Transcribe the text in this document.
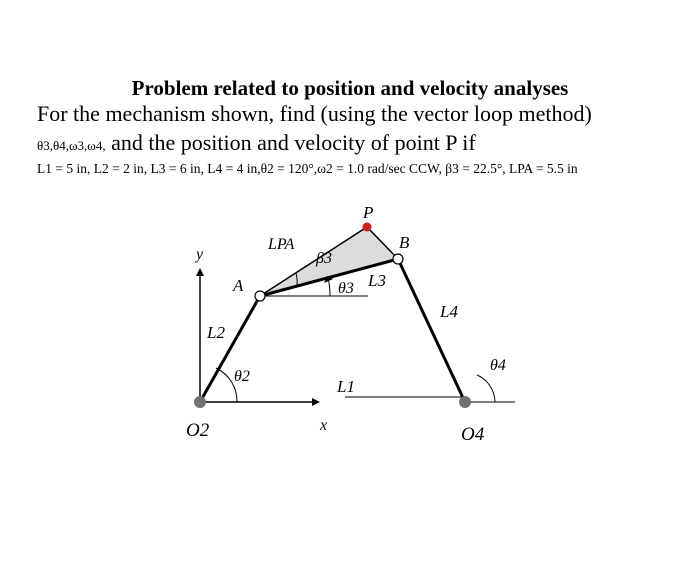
Problem related to position and velocity analyses
For the mechanism shown, find (using the vector loop method)
θ3,θ4,ω3,ω4, and the position and velocity of point P if
L1 = 5 in, L2 = 2 in, L3 = 6 in, L4 = 4 in,θ2 = 120°,ω2 = 1.0 rad/sec CCW, β3 = 22.5°, LPA = 5.5 in
y
x
O2	O4
A
B
P
L1
L2
L3
L4
LPA
θ2
θ3
θ4
β3
